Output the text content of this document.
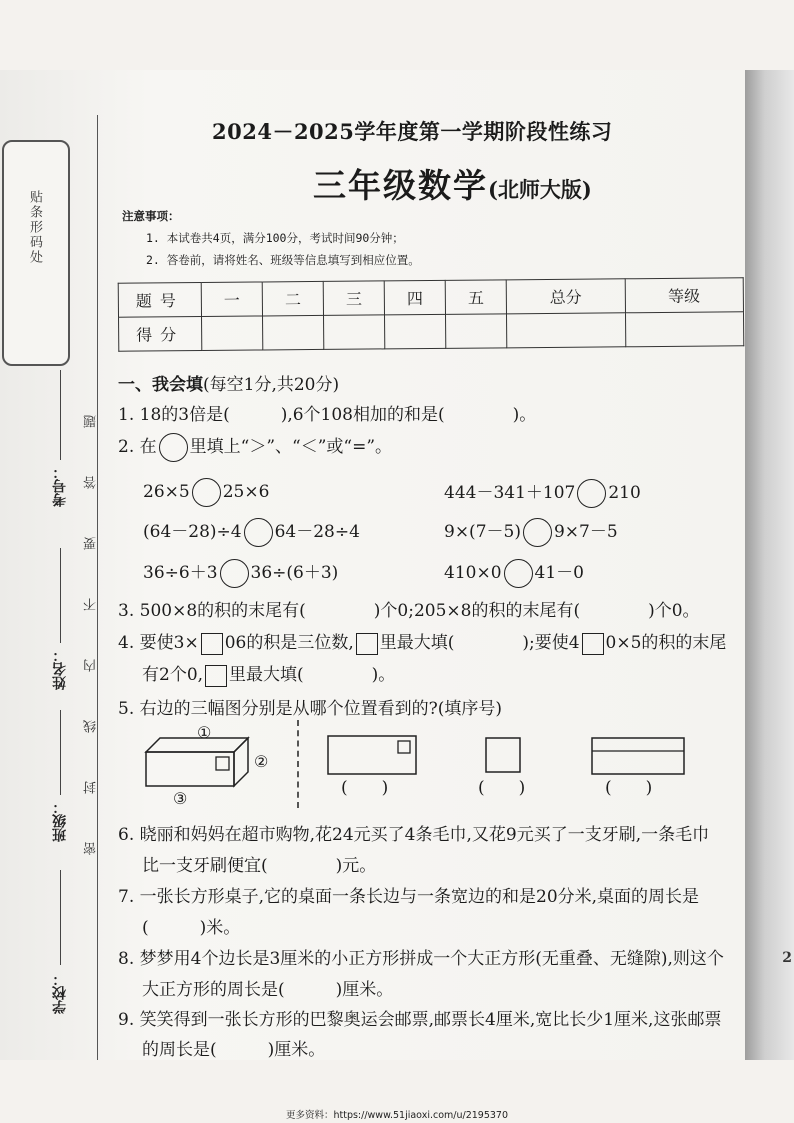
2
贴条形码处
考号：
姓名：
班级：
学校：
题
答
要
不
内
线
封
密
2024－2025学年度第一学期阶段性练习
三年级数学(北师大版)
注意事项：
1. 本试卷共4页，满分100分，考试时间90分钟；
2. 答卷前，请将姓名、班级等信息填写到相应位置。
题号	一	二	三	四	五	总分	等级
得分							
一、我会填(每空1分,共20分)
1. 18的3倍是(　　　),6个108相加的和是(　　　　)。
2. 在 里填上“＞”、“＜”或“=”。
26×5 25×6	444－341＋107 210
(64－28)÷4 64－28÷4	9×(7－5) 9×7－5
36÷6＋3 36÷(6＋3)	410×0 41－0
3. 500×8的积的末尾有(　　　　)个0;205×8的积的末尾有(　　　　)个0。
4. 要使3× 06的积是三位数, 里最大填(　　　　);要使4 0×5的积的末尾
有2个0, 里最大填(　　　　)。
5. 右边的三幅图分别是从哪个位置看到的?(填序号)
①
②
③
(　　)	(　　)	(　　)
6. 晓丽和妈妈在超市购物,花24元买了4条毛巾,又花9元买了一支牙刷,一条毛巾
比一支牙刷便宜(　　　　)元。
7. 一张长方形桌子,它的桌面一条长边与一条宽边的和是20分米,桌面的周长是
(　　　)米。
8. 梦梦用4个边长是3厘米的小正方形拼成一个大正方形(无重叠、无缝隙),则这个
大正方形的周长是(　　　)厘米。
9. 笑笑得到一张长方形的巴黎奥运会邮票,邮票长4厘米,宽比长少1厘米,这张邮票
的周长是(　　　)厘米。
更多资料：https://www.51jiaoxi.com/u/2195370
